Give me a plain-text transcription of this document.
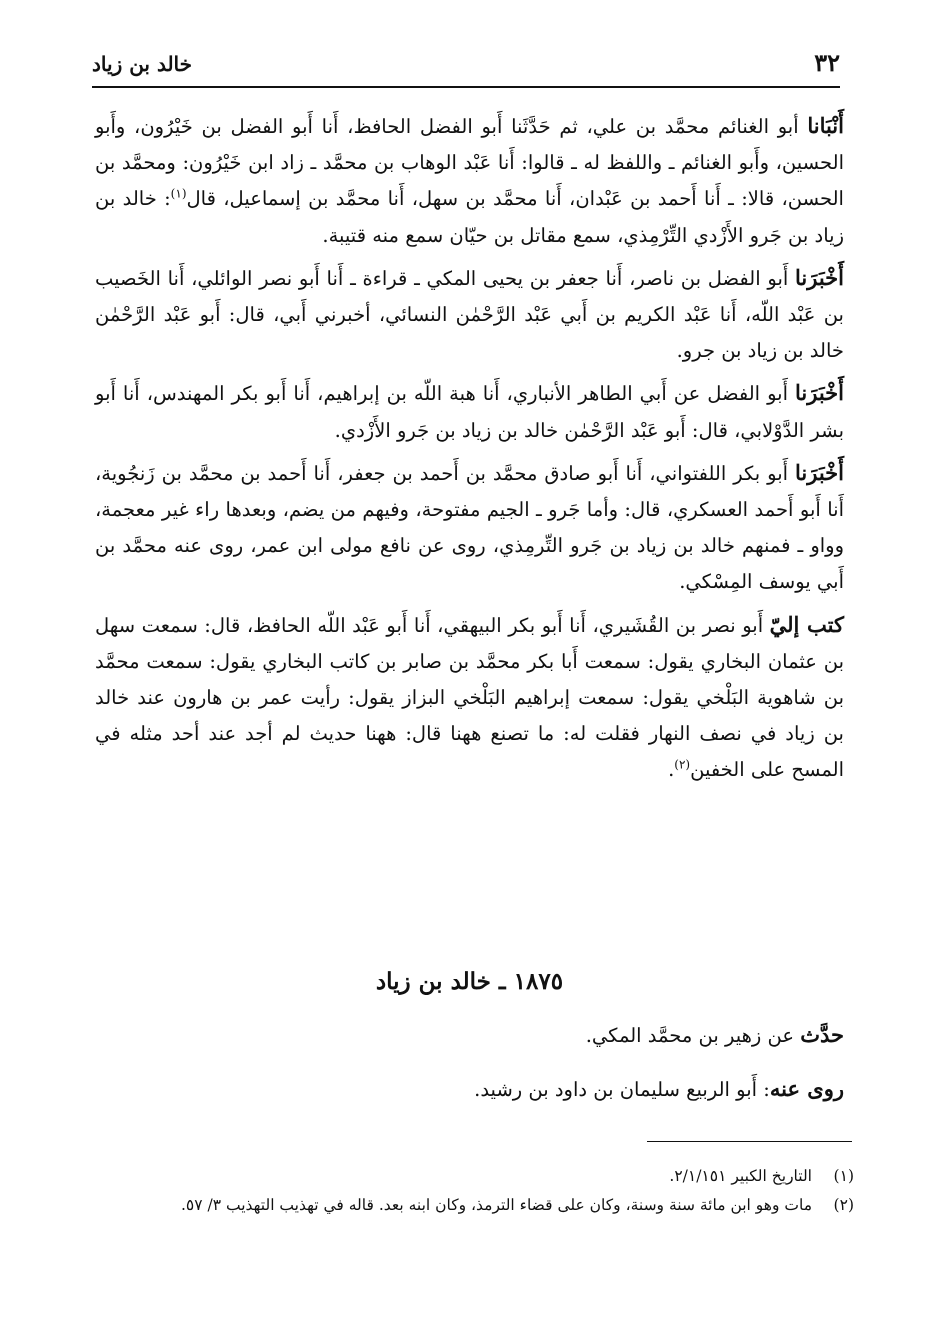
٣٢
خالد بن زياد

أَنْبَانا أبو الغنائم محمَّد بن علي، ثم حَدَّثَنا أَبو الفضل الحافظ، أَنا أَبو الفضل بن خَيْرُون، وأَبو الحسين، وأَبو الغنائم ـ واللفظ له ـ قالوا: أَنا عَبْد الوهاب بن محمَّد ـ زاد ابن خَيْرُون: ومحمَّد بن الحسن، قالا: ـ أَنا أَحمد بن عَبْدان، أَنا محمَّد بن سهل، أَنا محمَّد بن إسماعيل، قال$^{(١)}$: خالد بن زياد بن جَرو الأَزْدي التِّرْمِذي، سمع مقاتل بن حيّان سمع منه قتيبة.

أَخْبَرَنا أَبو الفضل بن ناصر، أَنا جعفر بن يحيى المكي ـ قراءة ـ أَنا أَبو نصر الوائلي، أَنا الخَصيب بن عَبْد اللّه، أَنا عَبْد الكريم بن أَبي عَبْد الرَّحْمٰن النسائي، أخبرني أَبي، قال: أَبو عَبْد الرَّحْمٰن خالد بن زياد بن جرو.

أَخْبَرَنا أَبو الفضل عن أَبي الطاهر الأنباري، أَنا هبة اللّه بن إبراهيم، أَنا أَبو بكر المهندس، أَنا أَبو بشر الدَّوْلابي، قال: أَبو عَبْد الرَّحْمٰن خالد بن زياد بن جَرو الأَزْدي.

أَخْبَرَنا أَبو بكر اللفتواني، أَنا أَبو صادق محمَّد بن أَحمد بن جعفر، أَنا أَحمد بن محمَّد بن زَنجُوية، أَنا أَبو أَحمد العسكري، قال: وأما جَرو ـ الجيم مفتوحة، وفيهم من يضم، وبعدها راء غير معجمة، وواو ـ فمنهم خالد بن زياد بن جَرو التِّرمِذي، روى عن نافع مولى ابن عمر، روى عنه محمَّد بن أَبي يوسف المِسْكي.

كتب إليّ أَبو نصر بن القُشَيري، أَنا أَبو بكر البيهقي، أَنا أَبو عَبْد اللّه الحافظ، قال: سمعت سهل بن عثمان البخاري يقول: سمعت أَبا بكر محمَّد بن صابر بن كاتب البخاري يقول: سمعت محمَّد بن شاهوية البَلْخي يقول: سمعت إبراهيم البَلْخي البزاز يقول: رأيت عمر بن هارون عند خالد بن زياد في نصف النهار فقلت له: ما تصنع ههنا قال: ههنا حديث لم أجد عند أحد مثله في المسح على الخفين$^{(٢)}$.

١٨٧٥ ـ خالد بن زياد
حدَّث عن زهير بن محمَّد المكي.
روى عنه: أَبو الربيع سليمان بن داود بن رشيد.

(١)
التاريخ الكبير ٢/١/١٥١.

(٢)
مات وهو ابن مائة سنة وسنة، وكان على قضاء الترمذ، وكان ابنه بعد. قاله في تهذيب التهذيب ٣/ ٥٧.
